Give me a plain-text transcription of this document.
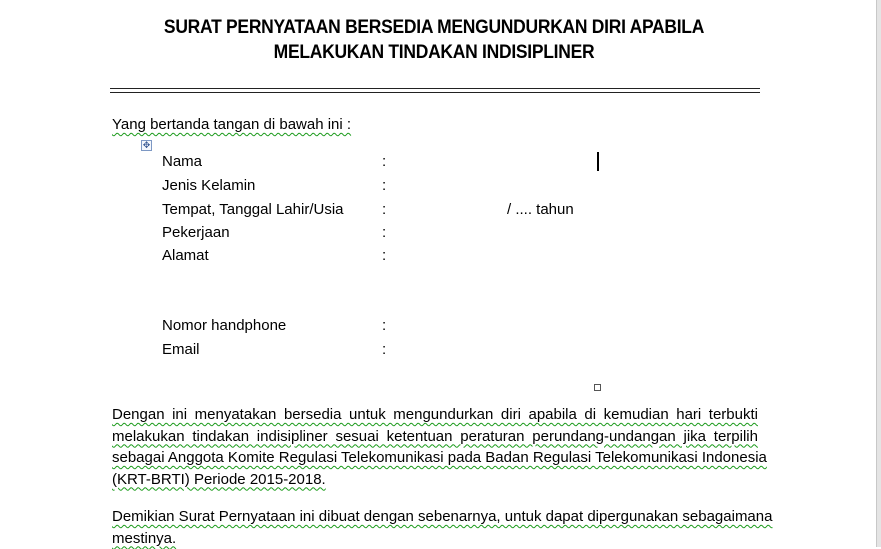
SURAT PERNYATAAN BERSEDIA MENGUNDURKAN DIRI APABILA
MELAKUKAN TINDAKAN INDISIPLINER
Yang bertanda tangan di bawah ini :
✥
Nama	:
Jenis Kelamin	:
Tempat, Tanggal Lahir/Usia	:	/ .... tahun
Pekerjaan	:
Alamat	:
Nomor handphone	:
Email	:
Dengan ini menyatakan bersedia untuk mengundurkan diri apabila di kemudian hari terbukti
melakukan tindakan indisipliner sesuai ketentuan peraturan perundang-undangan jika terpilih
sebagai Anggota Komite Regulasi Telekomunikasi pada Badan Regulasi Telekomunikasi Indonesia
(KRT-BRTI) Periode 2015-2018.
Demikian Surat Pernyataan ini dibuat dengan sebenarnya, untuk dapat dipergunakan sebagaimana
mestinya.
